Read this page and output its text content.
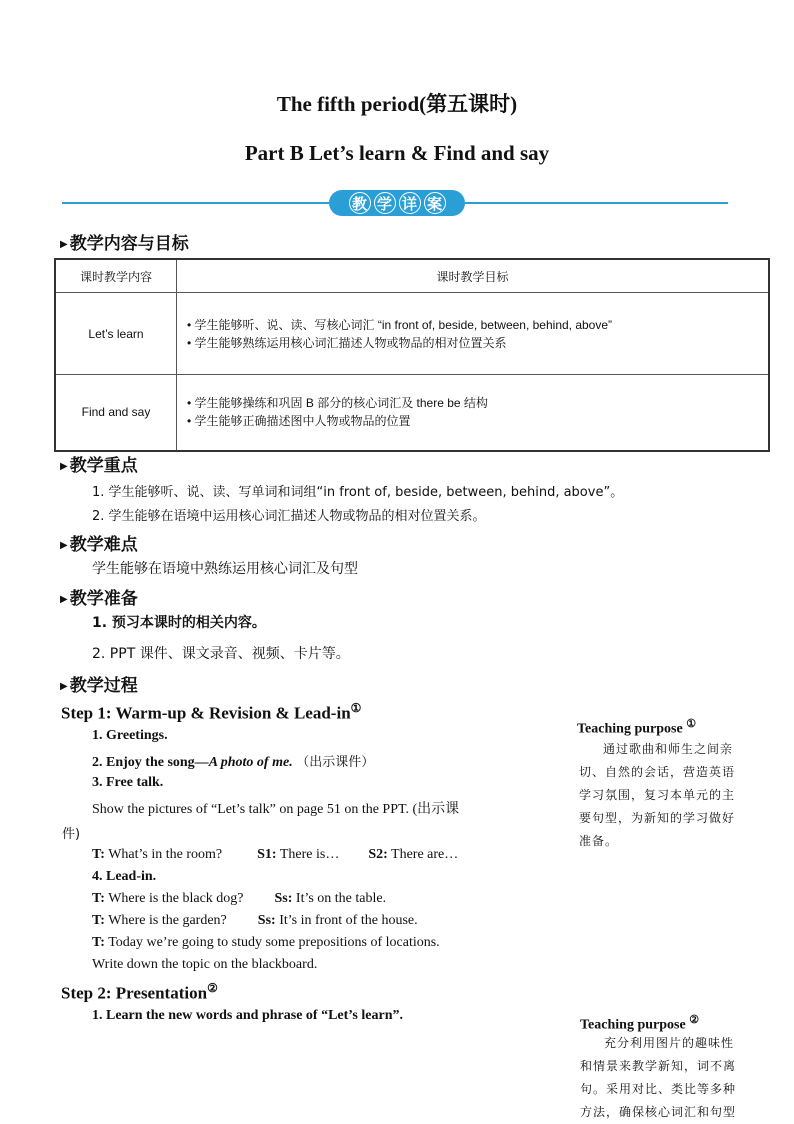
The fifth period(第五课时)
Part B Let’s learn & Find and say
教 学 详 案
▶ 教学内容与目标
课时教学内容	课时教学目标
Let’s learn	• 学生能够听、说、读、写核心词汇 “in front of, beside, between, behind, above”
• 学生能够熟练运用核心词汇描述人物或物品的相对位置关系

Find and say	• 学生能够操练和巩固 B 部分的核心词汇及 there be 结构
• 学生能够正确描述图中人物或物品的位置
▶ 教学重点
1. 学生能够听、说、读、写单词和词组“in front of, beside, between, behind, above”。
2. 学生能够在语境中运用核心词汇描述人物或物品的相对位置关系。
▶ 教学难点
学生能够在语境中熟练运用核心词汇及句型
▶ 教学准备
1. 预习本课时的相关内容。
2. PPT 课件、课文录音、视频、卡片等。
▶ 教学过程
Step 1: Warm-up & Revision & Lead-in①
1. Greetings.
2. Enjoy the song—A photo of me. （出示课件）
3. Free talk.
Show the pictures of “Let’s talk” on page 51 on the PPT. (出示课
件)
T: What’s in the room?	S1: There is… S2: There are…
4. Lead-in.
T: Where is the black dog? Ss: It’s on the table.
T: Where is the garden? Ss: It’s in front of the house.
T: Today we’re going to study some prepositions of locations.
Write down the topic on the blackboard.
Step 2: Presentation②
1. Learn the new words and phrase of “Let’s learn”.
Teaching purpose ①
通过歌曲和师生之间亲
切、自然的会话，营造英语
学习氛围，复习本单元的主
要句型，为新知的学习做好
准备。
Teaching purpose ②
充分利用图片的趣味性
和情景来教学新知，词不离
句。采用对比、类比等多种
方法，确保核心词汇和句型
